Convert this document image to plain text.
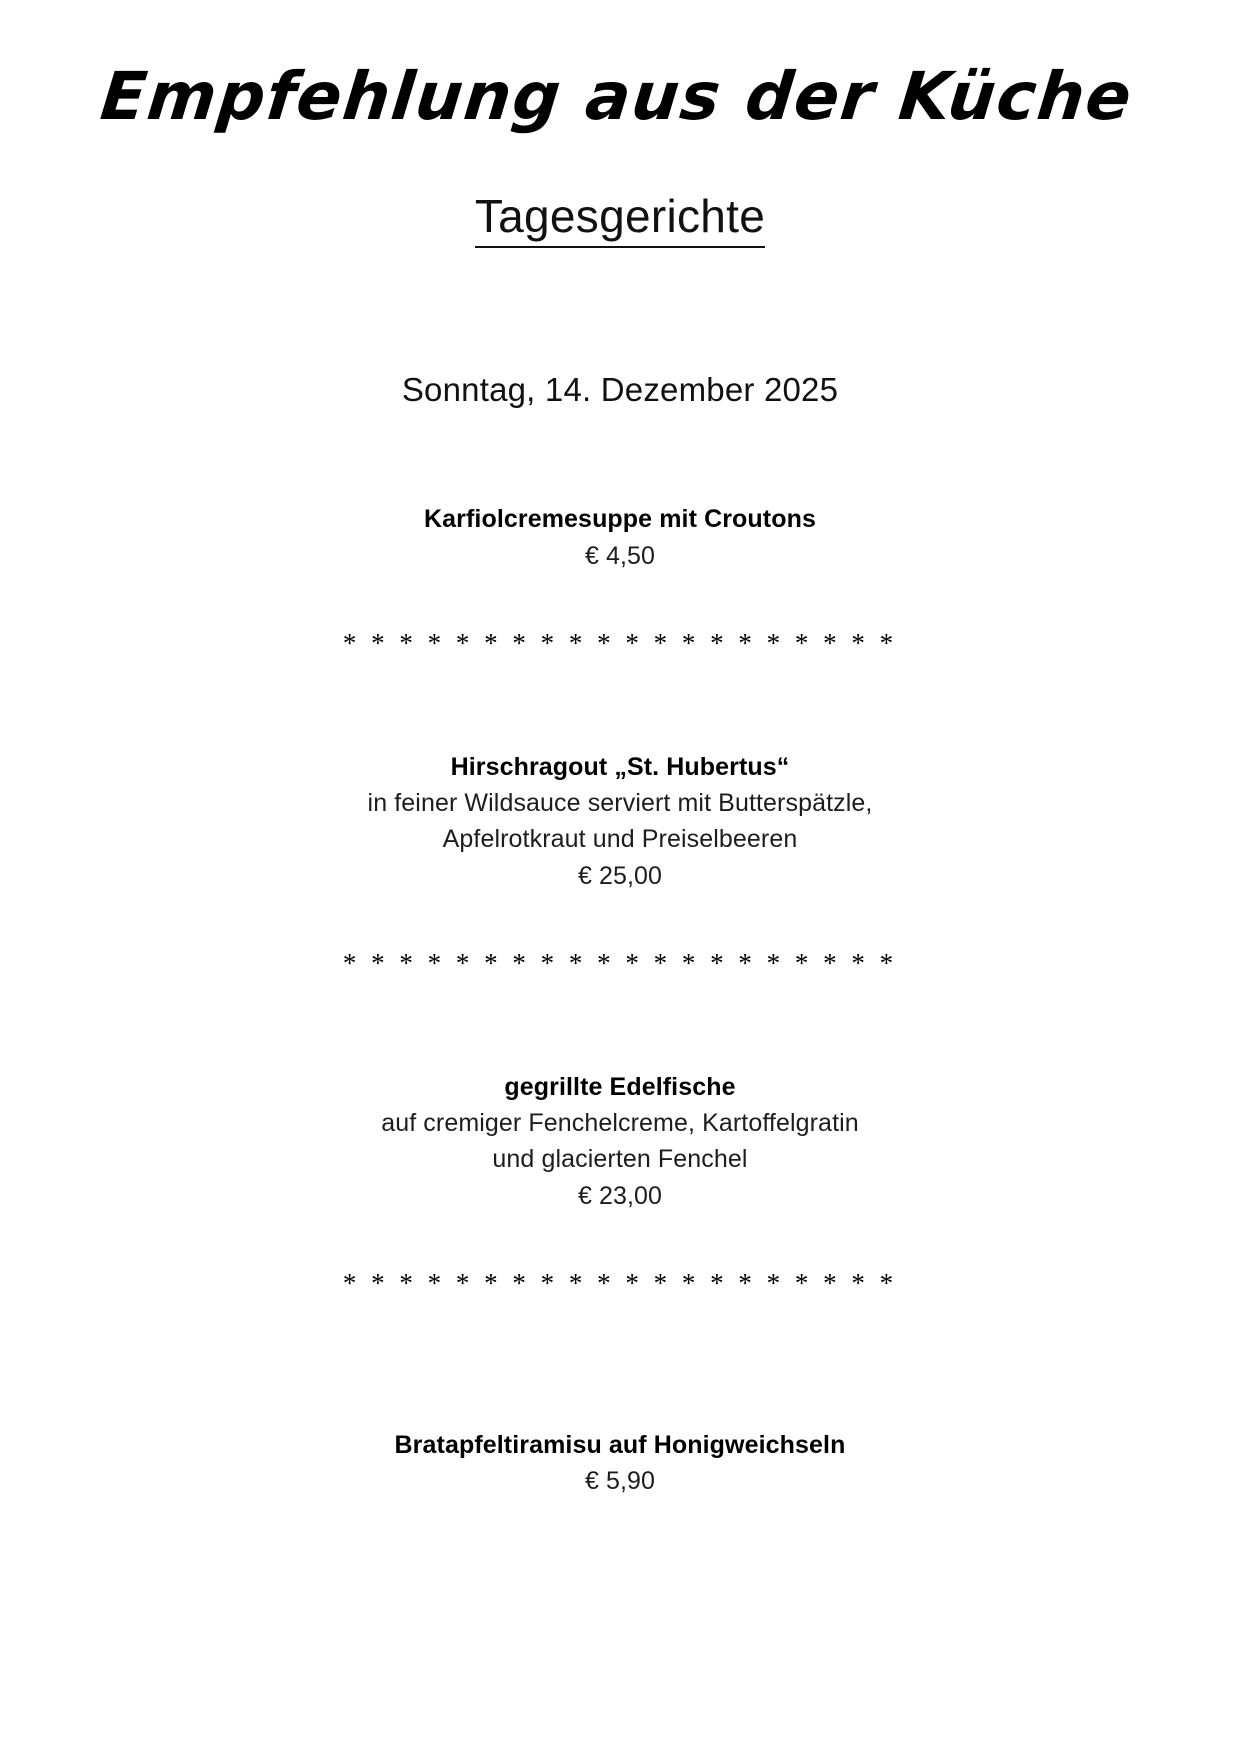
Empfehlung aus der Küche
Tagesgerichte

Sonntag, 14. Dezember 2025

Karfiolcremesuppe mit Croutons

€ 4,50

* * * * * * * * * * * * * * * * * * * *

Hirschragout „St. Hubertus“

in feiner Wildsauce serviert mit Butterspätzle,

Apfelrotkraut und Preiselbeeren

€ 25,00

* * * * * * * * * * * * * * * * * * * *

gegrillte Edelfische

auf cremiger Fenchelcreme, Kartoffelgratin

und glacierten Fenchel

€ 23,00

* * * * * * * * * * * * * * * * * * * *

Bratapfeltiramisu auf Honigweichseln

€ 5,90
